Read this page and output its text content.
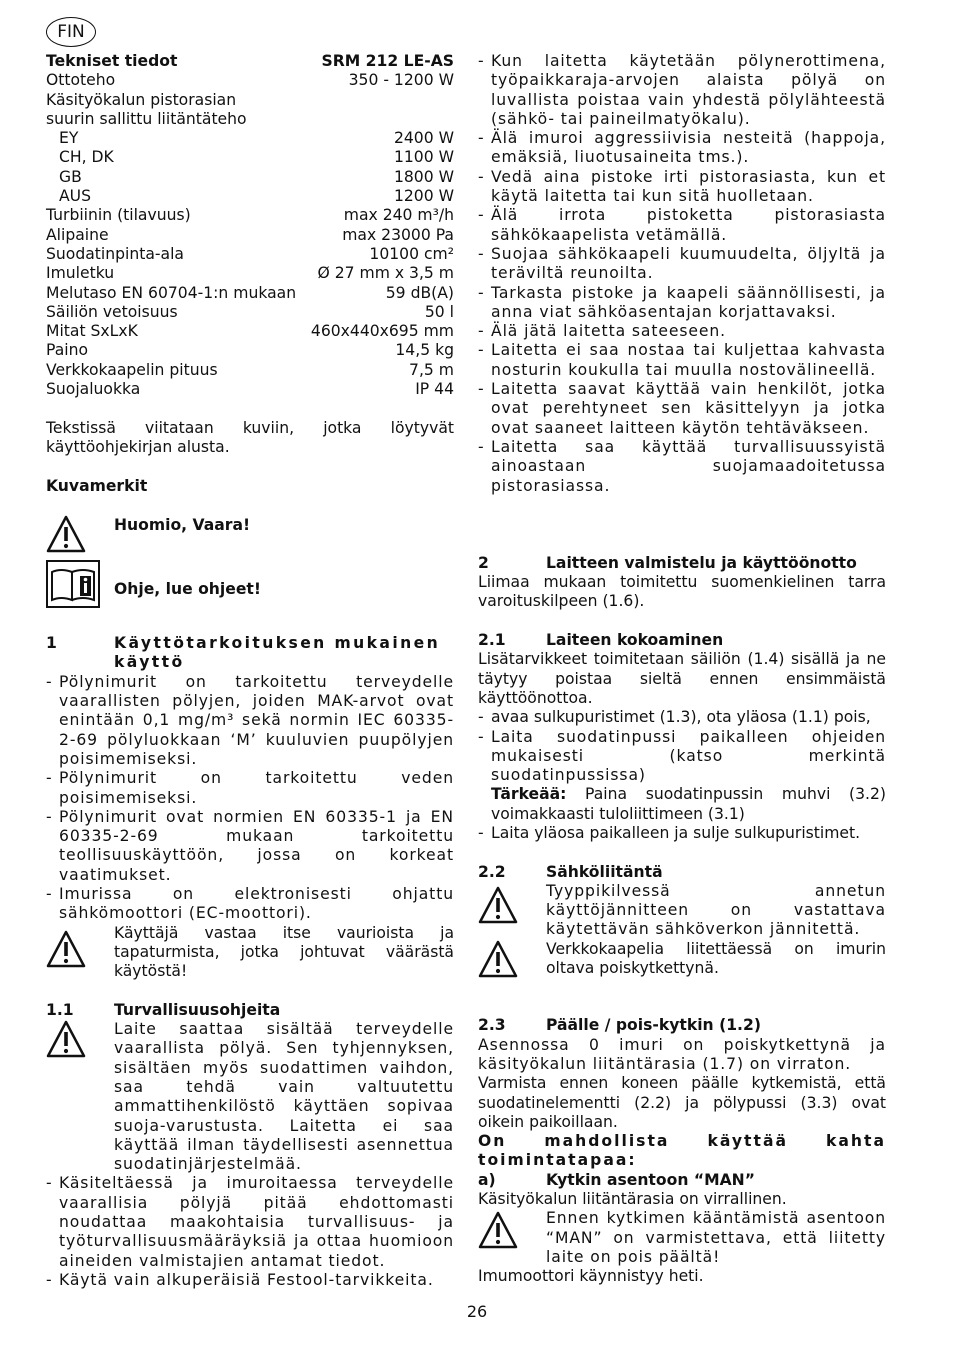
FIN
Tekniset tiedot	SRM 212 LE-AS
Ottoteho	350 - 1200 W
Käsityökalun pistorasian
suurin sallittu liitäntäteho
EY	2400 W
CH, DK	1100 W
GB	1800 W
AUS	1200 W
Turbiinin (tilavuus)	max 240 m³/h
Alipaine	max 23000 Pa
Suodatinpinta-ala	10100 cm²
Imuletku	Ø 27 mm x 3,5 m
Melutaso EN 60704-1:n mukaan	59 dB(A)
Säiliön vetoisuus	50 l
Mitat SxLxK	460x440x695 mm
Paino	14,5 kg
Verkkokaapelin pituus	7,5 m
Suojaluokka	IP 44

Tekstissä viitataan kuviin, jotka löytyvät käyttöohjekirjan alusta.

Kuvamerkit

Huomio, Vaara!
Ohje, lue ohjeet!
1	Käyttötarkoituksen mukainen käyttö
- Pölynimurit on tarkoitettu terveydelle vaarallisten pölyjen, joiden MAK-arvot ovat enintään 0,1 mg/m³ sekä normin IEC 60335-2-69 pölyluokkaan ‘M’ kuuluvien puupölyjen poisimemiseksi.
- Pölynimurit on tarkoitettu veden poisimemiseksi.
- Pölynimurit ovat normien EN 60335-1 ja EN 60335-2-69 mukaan tarkoitettu teollisuuskäyttöön, jossa on korkeat vaatimukset.
- Imurissa on elektronisesti ohjattu sähkömoottori (EC-moottori).
Käyttäjä vastaa itse vaurioista ja tapaturmista, jotka johtuvat väärästä käytöstä!
1.1	Turvallisuusohjeita
Laite saattaa sisältää terveydelle vaarallista pölyä. Sen tyhjennyksen, sisältäen myös suodattimen vaihdon, saa tehdä vain valtuutettu ammattihenkilöstö käyttäen sopivaa suoja-varustusta. Laitetta ei saa käyttää ilman täydellisesti asennettua suodatinjärjestelmää.
- Käsiteltäessä ja imuroitaessa terveydelle vaarallisia pölyjä pitää ehdottomasti noudattaa maakohtaisia turvallisuus- ja työturvallisuusmääräyksiä ja ottaa huomioon aineiden valmistajien antamat tiedot.
- Käytä vain alkuperäisiä Festool-tarvikkeita.
- Kun laitetta käytetään pölynerottimena, työpaikkaraja-arvojen alaista pölyä on luvallista poistaa vain yhdestä pölylähteestä (sähkö- tai paineilmatyökalu).
- Älä imuroi aggressiivisia nesteitä (happoja, emäksiä, liuotusaineita tms.).
- Vedä aina pistoke irti pistorasiasta, kun et käytä laitetta tai kun sitä huolletaan.
- Älä irrota pistoketta pistorasiasta sähkökaapelista vetämällä.
- Suojaa sähkökaapeli kuumuudelta, öljyltä ja teräviltä reunoilta.
- Tarkasta pistoke ja kaapeli säännöllisesti, ja anna viat sähköasentajan korjattavaksi.
- Älä jätä laitetta sateeseen.
- Laitetta ei saa nostaa tai kuljettaa kahvasta nosturin koukulla tai muulla nostovälineellä.
- Laitetta saavat käyttää vain henkilöt, jotka ovat perehtyneet sen käsittelyyn ja jotka ovat saaneet laitteen käytön tehtäväkseen.
- Laitetta saa käyttää turvallisuussyistä ainoastaan suojamaadoitetussa pistorasiassa.
2	Laitteen valmistelu ja käyttöönotto

Liimaa mukaan toimitettu suomenkielinen tarra varoituskilpeen (1.6).

2.1	Laiteen kokoaminen

Lisätarvikkeet toimitetaan säiliön (1.4) sisällä ja ne täytyy poistaa sieltä ennen ensimmäistä käyttöönottoa.

- avaa sulkupuristimet (1.3), ota yläosa (1.1) pois,
- Laita suodatinpussi paikalleen ohjeiden mukaisesti (katso merkintä suodatinpussissa)
Tärkeää: Paina suodatinpussin muhvi (3.2) voimakkaasti tuloliittimeen (3.1)
- Laita yläosa paikalleen ja sulje sulkupuristimet.
2.2	Sähköliitäntä
Tyyppikilvessä annetun käyttöjännitteen on vastattava käytettävän sähköverkon jännitettä.
Verkkokaapelia liitettäessä on imurin oltava poiskytkettynä.
2.3	Päälle / pois-kytkin (1.2)

Asennossa 0 imuri on poiskytkettynä ja käsityökalun liitäntärasia (1.7) on virraton.

Varmista ennen koneen päälle kytkemistä, että suodatinelementti (2.2) ja pölypussi (3.3) ovat oikein paikoillaan.

On mahdollista käyttää kahta toimintatapaa:

a)	Kytkin asentoon “MAN”

Käsityökalun liitäntärasia on virrallinen.

Ennen kytkimen kääntämistä asentoon “MAN” on varmistettava, että liitetty laite on pois päältä!

Imumoottori käynnistyy heti.

26
